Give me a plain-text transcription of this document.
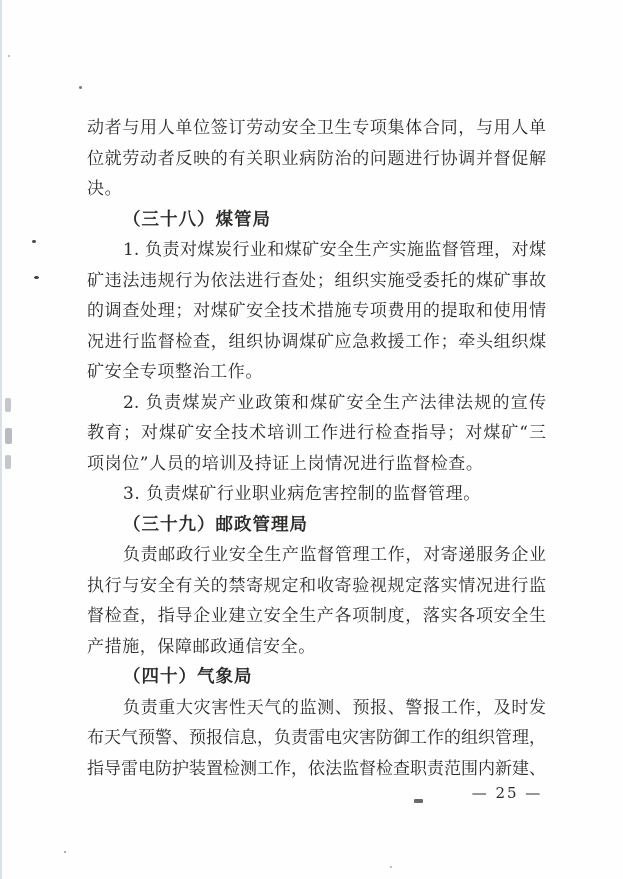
动者与用人单位签订劳动安全卫生专项集体合同，与用人单
位就劳动者反映的有关职业病防治的问题进行协调并督促解
决。
（三十八）煤管局
1. 负责对煤炭行业和煤矿安全生产实施监督管理，对煤
矿违法违规行为依法进行查处；组织实施受委托的煤矿事故
的调查处理；对煤矿安全技术措施专项费用的提取和使用情
况进行监督检查，组织协调煤矿应急救援工作；牵头组织煤
矿安全专项整治工作。
2. 负责煤炭产业政策和煤矿安全生产法律法规的宣传
教育；对煤矿安全技术培训工作进行检查指导；对煤矿“三
项岗位”人员的培训及持证上岗情况进行监督检查。
3. 负责煤矿行业职业病危害控制的监督管理。
（三十九）邮政管理局
负责邮政行业安全生产监督管理工作，对寄递服务企业
执行与安全有关的禁寄规定和收寄验视规定落实情况进行监
督检查，指导企业建立安全生产各项制度，落实各项安全生
产措施，保障邮政通信安全。
（四十）气象局
负责重大灾害性天气的监测、预报、警报工作，及时发
布天气预警、预报信息，负责雷电灾害防御工作的组织管理，
指导雷电防护装置检测工作，依法监督检查职责范围内新建、
— 25 —
